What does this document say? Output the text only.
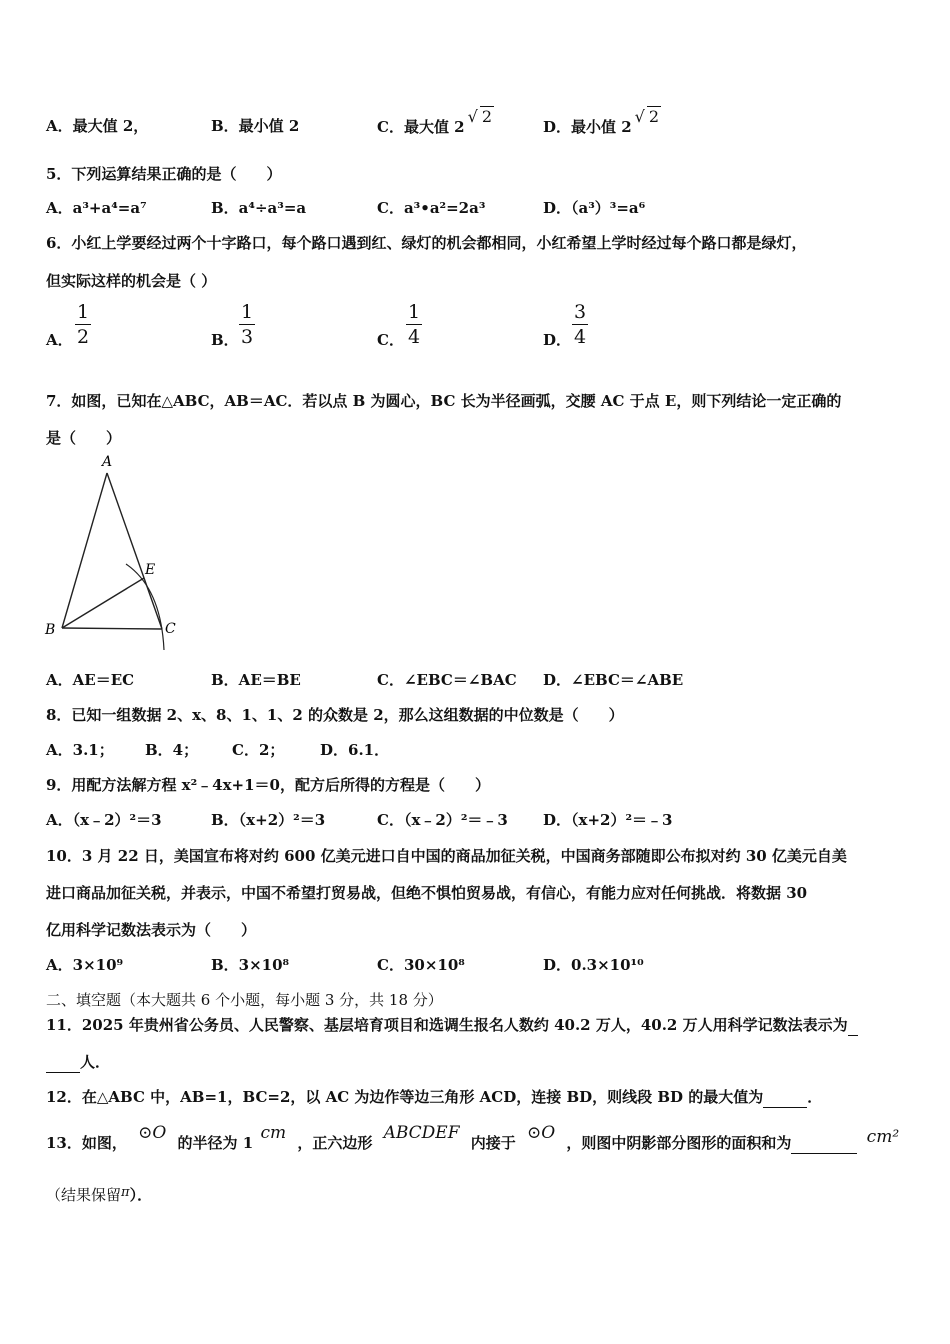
A．最大值 2，	B．最小值 2	C．最大值 2√ 2
D．最小值 2√ 2
5．下列运算结果正确的是（　　）
A．a³+a⁴=a⁷	B．a⁴÷a³=a	C．a³•a²=2a³	D．（a³）³=a⁶
6．小红上学要经过两个十字路口，每个路口遇到红、绿灯的机会都相同，小红希望上学时经过每个路口都是绿灯，
但实际这样的机会是（ ）
A．
1
2	B．
1
3	C．
1
4	D．
3
4
7．如图，已知在△ABC，AB＝AC．若以点 B 为圆心，BC 长为半径画弧，交腰 AC 于点 E，则下列结论一定正确的
是（　　）
A
B	C
E
A．AE＝EC	B．AE＝BE	C．∠EBC＝∠BAC D．∠EBC＝∠ABE
8．已知一组数据 2、x、8、1、1、2 的众数是 2，那么这组数据的中位数是（　　）
A．3.1； B．4； C．2； D．6.1．
9．用配方法解方程 x²﹣4x+1＝0，配方后所得的方程是（　　）
A．（x﹣2）²＝3	B．（x+2）²＝3	C．（x﹣2）²＝﹣3 D．（x+2）²＝﹣3
10．3 月 22 日，美国宣布将对约 600 亿美元进口自中国的商品加征关税，中国商务部随即公布拟对约 30 亿美元自美
进口商品加征关税，并表示，中国不希望打贸易战，但绝不惧怕贸易战，有信心，有能力应对任何挑战．将数据 30
亿用科学记数法表示为（　　）
A．3×10⁹	B．3×10⁸	C．30×10⁸	D．0.3×10¹⁰
二、填空题（本大题共 6 个小题，每小题 3 分，共 18 分）
11．2025 年贵州省公务员、人民警察、基层培育项目和选调生报名人数约 40.2 万人，40.2 万人用科学记数法表示为
人．
12．在△ABC 中，AB=1，BC=2，以 AC 为边作等边三角形 ACD，连接 BD，则线段 BD 的最大值为	．
13．如图， ⊙O 的半径为 1 cm ，正六边形 ABCDEF 内接于 ⊙O ，则图中阴影部分图形的面积和为	cm²
（结果保留π）．
